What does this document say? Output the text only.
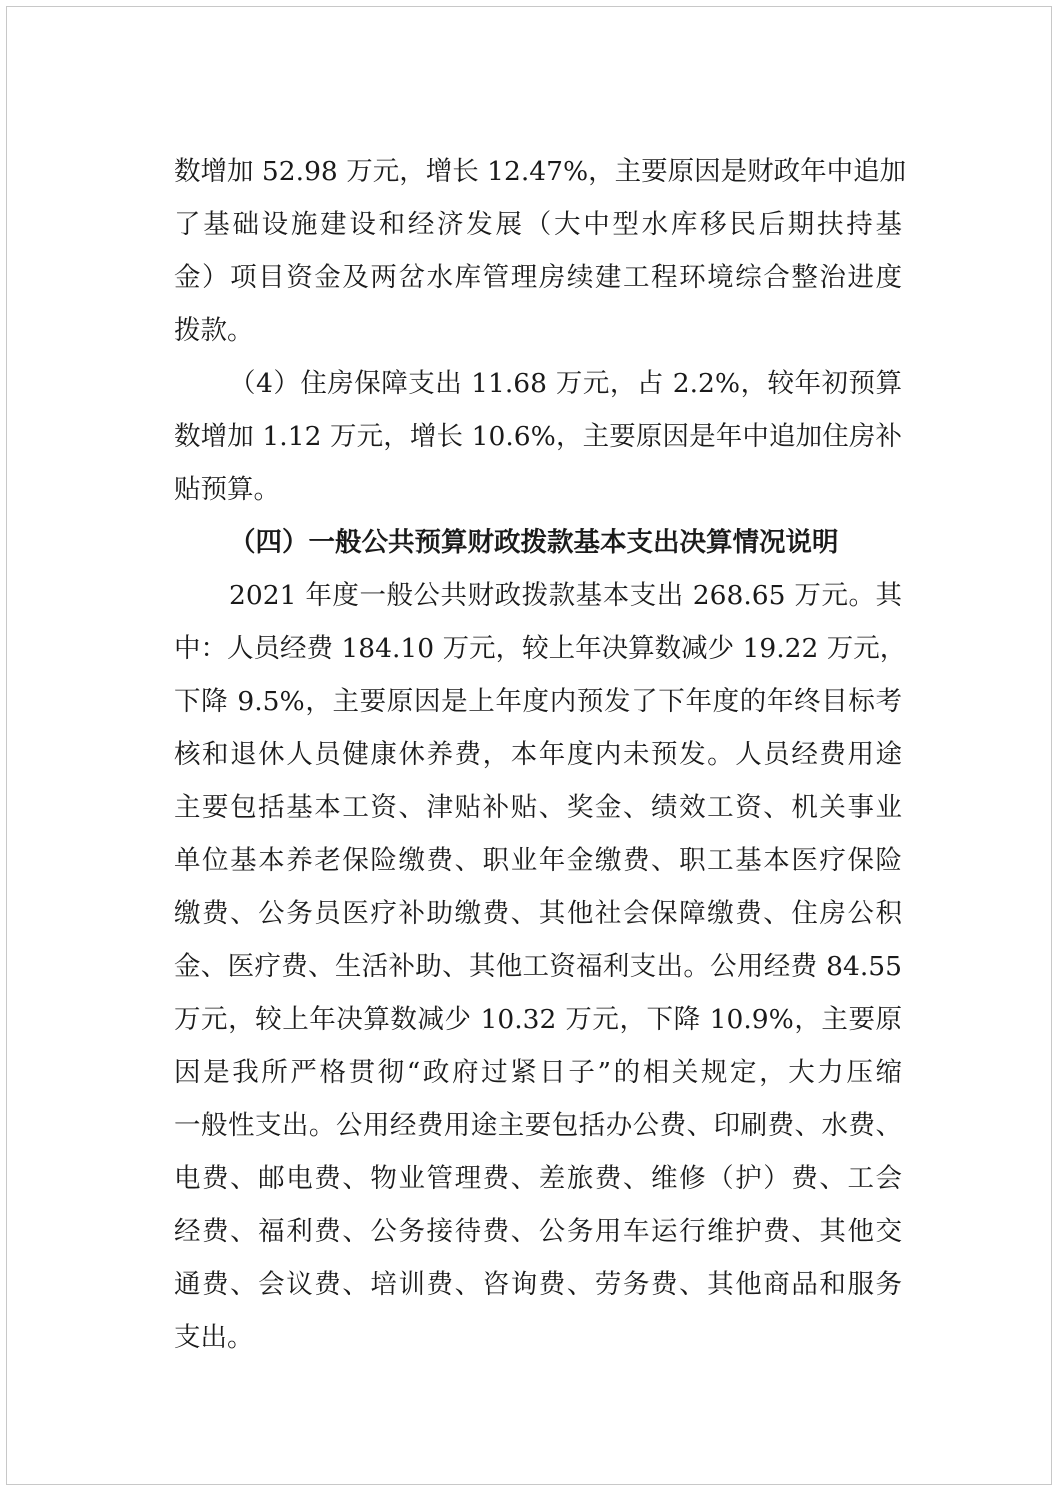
数增加 52.98 万元，增长 12.47%，主要原因是财政年中追加
了基础设施建设和经济发展（大中型水库移民后期扶持基
金）项目资金及两岔水库管理房续建工程环境综合整治进度
拨款。
（4）住房保障支出 11.68 万元，占 2.2%，较年初预算
数增加 1.12 万元，增长 10.6%，主要原因是年中追加住房补
贴预算。
（四）一般公共预算财政拨款基本支出决算情况说明
2021 年度一般公共财政拨款基本支出 268.65 万元。其
中：人员经费 184.10 万元，较上年决算数减少 19.22 万元，
下降 9.5%，主要原因是上年度内预发了下年度的年终目标考
核和退休人员健康休养费，本年度内未预发。人员经费用途
主要包括基本工资、津贴补贴、奖金、绩效工资、机关事业
单位基本养老保险缴费、职业年金缴费、职工基本医疗保险
缴费、公务员医疗补助缴费、其他社会保障缴费、住房公积
金、医疗费、生活补助、其他工资福利支出。公用经费 84.55
万元，较上年决算数减少 10.32 万元，下降 10.9%，主要原
因是我所严格贯彻“政府过紧日子”的相关规定，大力压缩
一般性支出。公用经费用途主要包括办公费、印刷费、水费、
电费、邮电费、物业管理费、差旅费、维修（护）费、工会
经费、福利费、公务接待费、公务用车运行维护费、其他交
通费、会议费、培训费、咨询费、劳务费、其他商品和服务
支出。
